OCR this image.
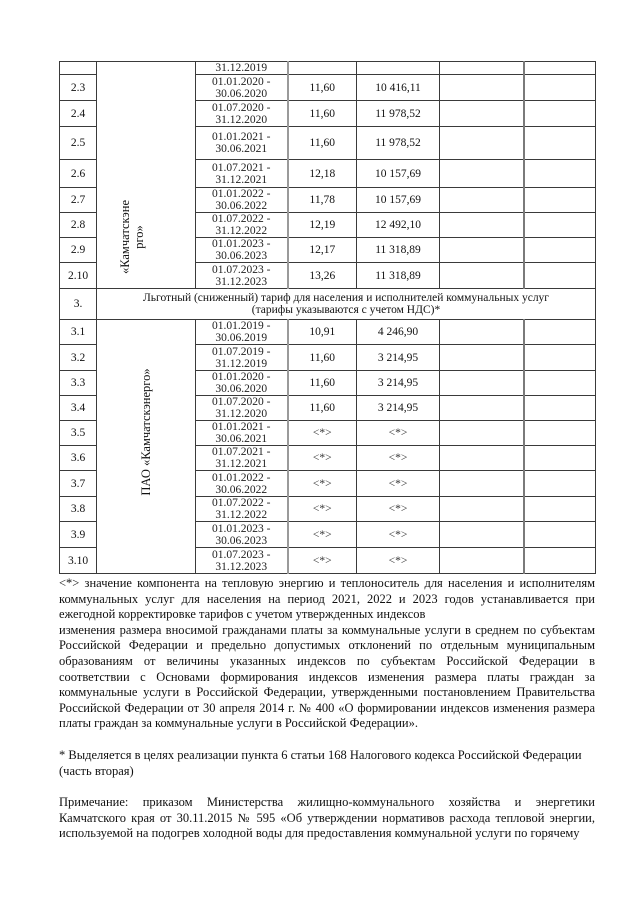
	«Камчатскэне рго»	31.12.2019				
2.3		01.01.2020 -
30.06.2020	11,60	10 416,11		
2.4		01.07.2020 -
31.12.2020	11,60	11 978,52		
2.5		01.01.2021 -
30.06.2021	11,60	11 978,52		
2.6		01.07.2021 -
31.12.2021	12,18	10 157,69		
2.7		01.01.2022 -
30.06.2022	11,78	10 157,69		
2.8		01.07.2022 -
31.12.2022	12,19	12 492,10		
2.9		01.01.2023 -
30.06.2023	12,17	11 318,89		
2.10		01.07.2023 -
31.12.2023	13,26	11 318,89		
3.	Льготный (сниженный) тариф для населения и исполнителей коммунальных услуг
(тарифы указываются с учетом НДС)*					

3.1	ПАО «Камчатскэнерго»	01.01.2019 -
30.06.2019	10,91	4 246,90		
3.2		01.07.2019 -
31.12.2019	11,60	3 214,95		
3.3		01.01.2020 -
30.06.2020	11,60	3 214,95		
3.4		01.07.2020 -
31.12.2020	11,60	3 214,95		
3.5		01.01.2021 -
30.06.2021	<*>	<*>		
3.6		01.07.2021 -
31.12.2021	<*>	<*>		
3.7		01.01.2022 -
30.06.2022	<*>	<*>		
3.8		01.07.2022 -
31.12.2022	<*>	<*>		
3.9		01.01.2023 -
30.06.2023	<*>	<*>		
3.10		01.07.2023 -
31.12.2023	<*>	<*>		

<*> значение компонента на тепловую энергию и теплоноситель для населения и исполнителям коммунальных услуг для населения на период 2021, 2022 и 2023 годов устанавливается при ежегодной корректировке тарифов с учетом утвержденных индексов

изменения размера вносимой гражданами платы за коммунальные услуги в среднем по субъектам Российской Федерации и предельно допустимых отклонений по отдельным муниципальным образованиям от величины указанных индексов по субъектам Российской Федерации в соответствии с Основами формирования индексов изменения размера платы граждан за коммунальные услуги в Российской Федерации, утвержденными постановлением Правительства Российской Федерации от 30 апреля 2014 г. № 400 «О формировании индексов изменения размера платы граждан за коммунальные услуги в Российской Федерации».

* Выделяется в целях реализации пункта 6 статьи 168 Налогового кодекса Российской Федерации (часть вторая)

Примечание: приказом Министерства жилищно-коммунального хозяйства и энергетики Камчатского края от 30.11.2015 № 595 «Об утверждении нормативов расхода тепловой энергии, используемой на подогрев холодной воды для предоставления коммунальной услуги по горячему
